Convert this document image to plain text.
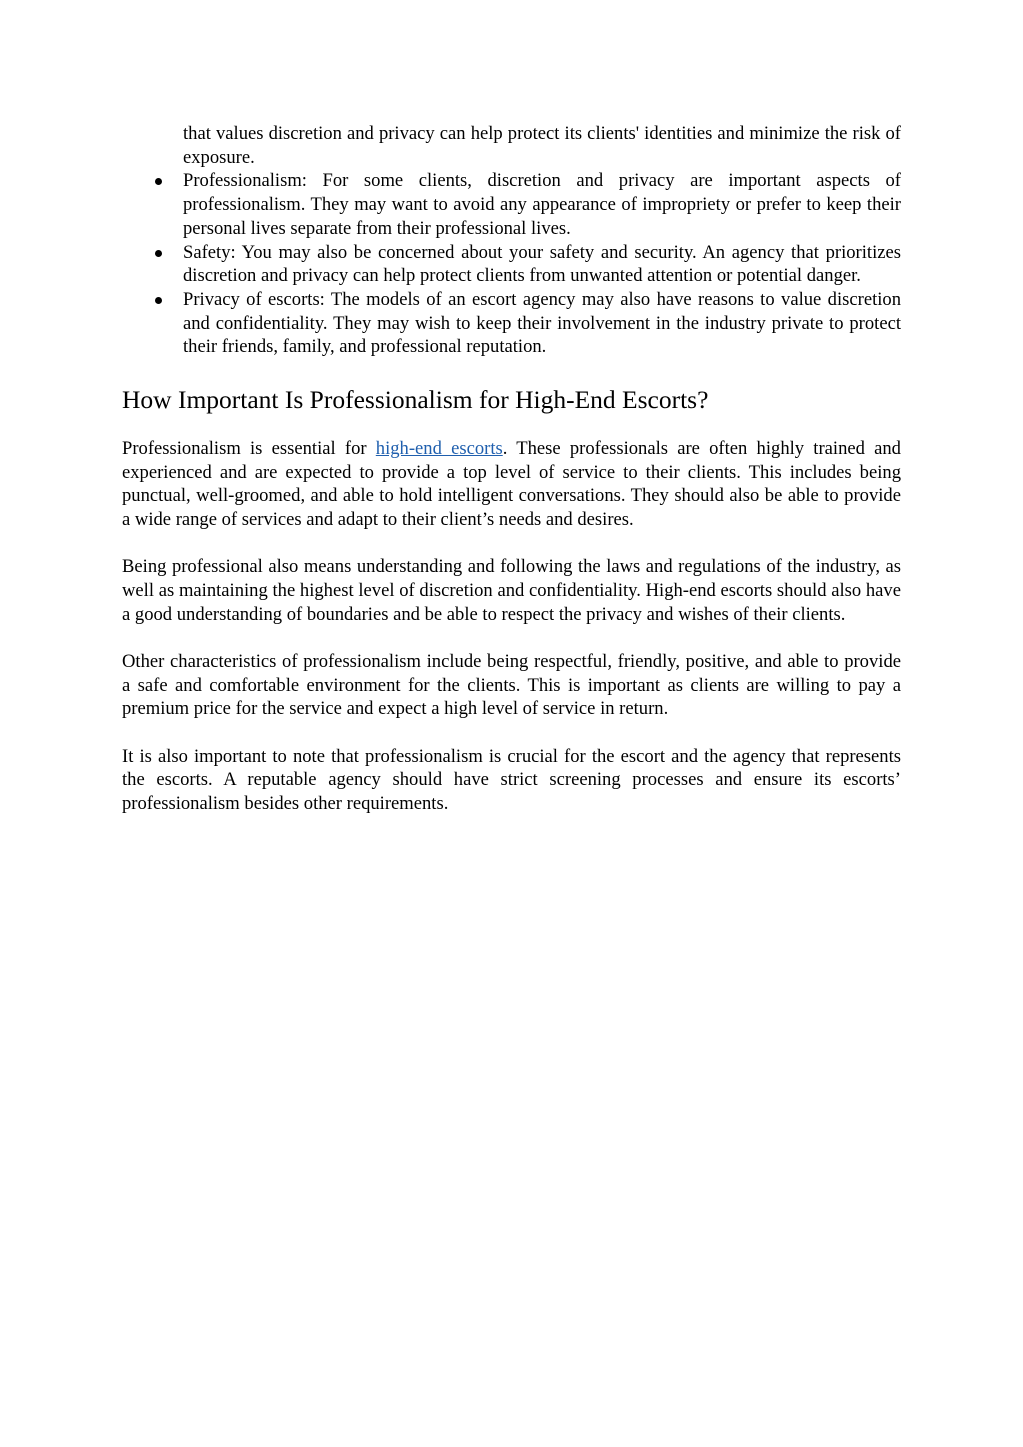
that values discretion and privacy can help protect its clients' identities and minimize the risk of exposure.

Professionalism: For some clients, discretion and privacy are important aspects of professionalism. They may want to avoid any appearance of impropriety or prefer to keep their personal lives separate from their professional lives.
Safety: You may also be concerned about your safety and security. An agency that prioritizes discretion and privacy can help protect clients from unwanted attention or potential danger.
Privacy of escorts: The models of an escort agency may also have reasons to value discretion and confidentiality. They may wish to keep their involvement in the industry private to protect their friends, family, and professional reputation.
How Important Is Professionalism for High-End Escorts?

Professionalism is essential for high-end escorts. These professionals are often highly trained and experienced and are expected to provide a top level of service to their clients. This includes being punctual, well-groomed, and able to hold intelligent conversations. They should also be able to provide a wide range of services and adapt to their client’s needs and desires.

Being professional also means understanding and following the laws and regulations of the industry, as well as maintaining the highest level of discretion and confidentiality. High-end escorts should also have a good understanding of boundaries and be able to respect the privacy and wishes of their clients.

Other characteristics of professionalism include being respectful, friendly, positive, and able to provide a safe and comfortable environment for the clients. This is important as clients are willing to pay a premium price for the service and expect a high level of service in return.

It is also important to note that professionalism is crucial for the escort and the agency that represents the escorts. A reputable agency should have strict screening processes and ensure its escorts’ professionalism besides other requirements.
